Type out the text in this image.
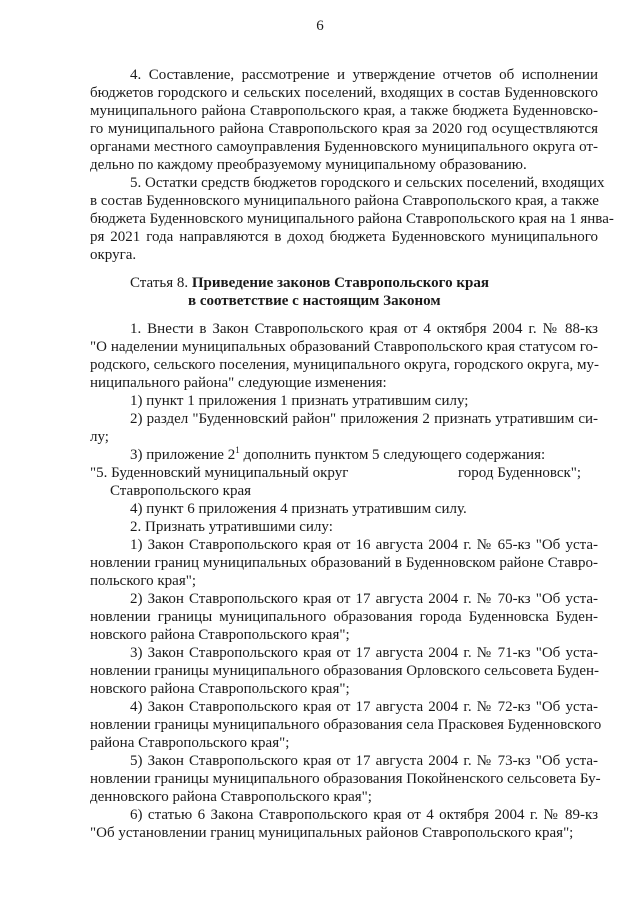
6
4. Составление, рассмотрение и утверждение отчетов об исполнении
бюджетов городского и сельских поселений, входящих в состав Буденновского
муниципального района Ставропольского края, а также бюджета Буденновско-
го муниципального района Ставропольского края за 2020 год осуществляются
органами местного самоуправления Буденновского муниципального округа от-
дельно по каждому преобразуемому муниципальному образованию.
5. Остатки средств бюджетов городского и сельских поселений, входящих
в состав Буденновского муниципального района Ставропольского края, а также
бюджета Буденновского муниципального района Ставропольского края на 1 янва-
ря 2021 года направляются в доход бюджета Буденновского муниципального
округа.
Статья 8. Приведение законов Ставропольского края
в соответствие с настоящим Законом
1. Внести в Закон Ставропольского края от 4 октября 2004 г. № 88-кз
"О наделении муниципальных образований Ставропольского края статусом го-
родского, сельского поселения, муниципального округа, городского округа, му-
ниципального района" следующие изменения:
1) пункт 1 приложения 1 признать утратившим силу;
2) раздел "Буденновский район" приложения 2 признать утратившим си-
лу;
3) приложение $2^1$ дополнить пунктом 5 следующего содержания:
"5. Буденновский муниципальный округ	город Буденновск";
Ставропольского края
4) пункт 6 приложения 4 признать утратившим силу.
2. Признать утратившими силу:
1) Закон Ставропольского края от 16 августа 2004 г. № 65-кз "Об уста-
новлении границ муниципальных образований в Буденновском районе Ставро-
польского края";
2) Закон Ставропольского края от 17 августа 2004 г. № 70-кз "Об уста-
новлении границы муниципального образования города Буденновска Буден-
новского района Ставропольского края";
3) Закон Ставропольского края от 17 августа 2004 г. № 71-кз "Об уста-
новлении границы муниципального образования Орловского сельсовета Буден-
новского района Ставропольского края";
4) Закон Ставропольского края от 17 августа 2004 г. № 72-кз "Об уста-
новлении границы муниципального образования села Прасковея Буденновского
района Ставропольского края";
5) Закон Ставропольского края от 17 августа 2004 г. № 73-кз "Об уста-
новлении границы муниципального образования Покойненского сельсовета Бу-
денновского района Ставропольского края";
6) статью 6 Закона Ставропольского края от 4 октября 2004 г. № 89-кз
"Об установлении границ муниципальных районов Ставропольского края";
